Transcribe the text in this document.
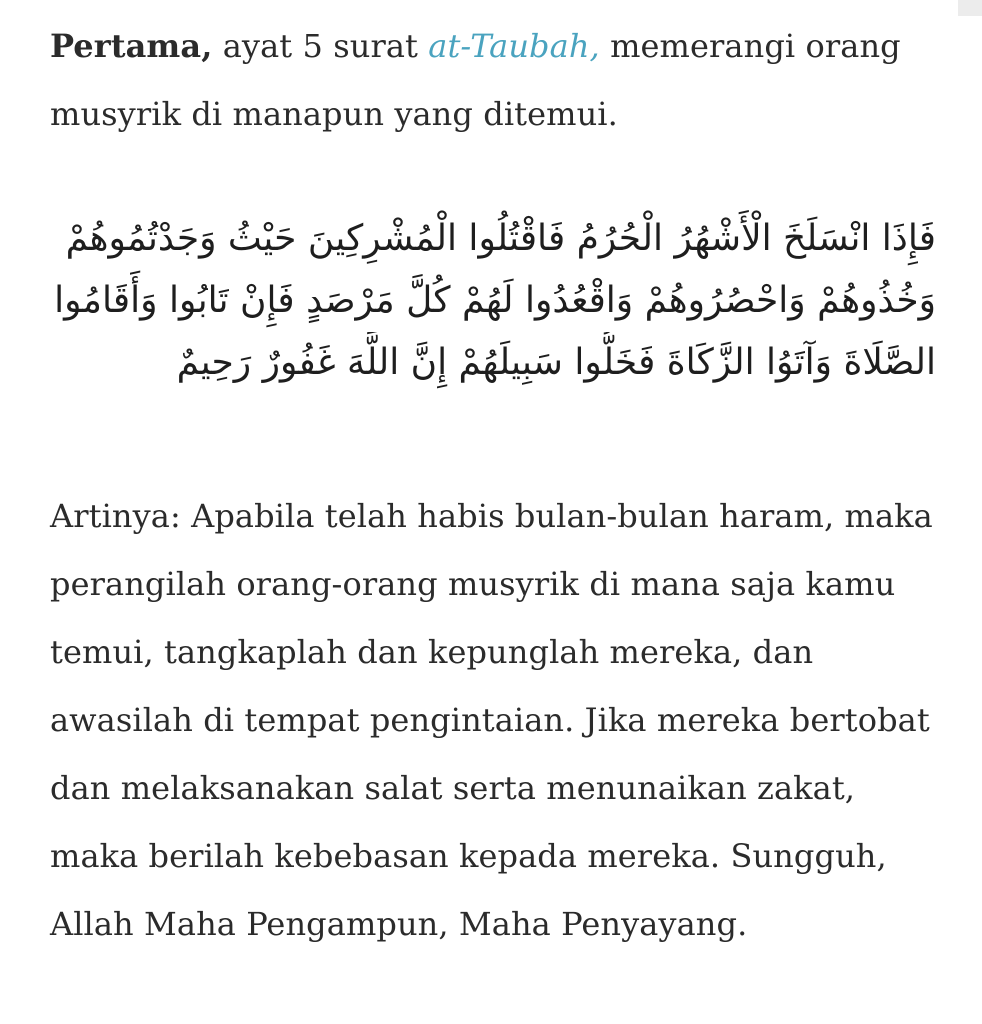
Pertama, ayat 5 surat at-Taubah, memerangi orang musyrik di manapun yang ditemui.

فَإِذَا انْسَلَخَ الْأَشْهُرُ الْحُرُمُ فَاقْتُلُوا الْمُشْرِكِينَ حَيْثُ وَجَدْتُمُوهُمْ
وَخُذُوهُمْ وَاحْصُرُوهُمْ وَاقْعُدُوا لَهُمْ كُلَّ مَرْصَدٍ فَإِنْ تَابُوا وَأَقَامُوا
الصَّلَاةَ وَآتَوُا الزَّكَاةَ فَخَلُّوا سَبِيلَهُمْ إِنَّ اللَّهَ غَفُورٌ رَحِيمٌ

Artinya: Apabila telah habis bulan-bulan haram, maka perangilah orang-orang musyrik di mana saja kamu temui, tangkaplah dan kepunglah mereka, dan awasilah di tempat pengintaian. Jika mereka bertobat dan melaksanakan salat serta menunaikan zakat, maka berilah kebebasan kepada mereka. Sungguh, Allah Maha Pengampun, Maha Penyayang.
